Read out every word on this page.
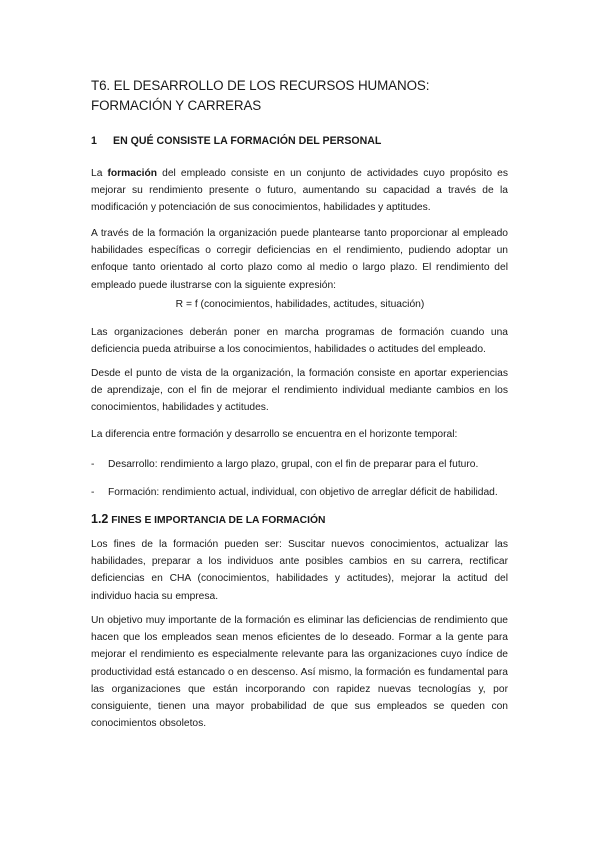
T6. EL DESARROLLO DE LOS RECURSOS HUMANOS: FORMACIÓN Y CARRERAS
1 EN QUÉ CONSISTE LA FORMACIÓN DEL PERSONAL
La formación del empleado consiste en un conjunto de actividades cuyo propósito es mejorar su rendimiento presente o futuro, aumentando su capacidad a través de la modificación y potenciación de sus conocimientos, habilidades y aptitudes.
A través de la formación la organización puede plantearse tanto proporcionar al empleado habilidades específicas o corregir deficiencias en el rendimiento, pudiendo adoptar un enfoque tanto orientado al corto plazo como al medio o largo plazo. El rendimiento del empleado puede ilustrarse con la siguiente expresión:
R = f (conocimientos, habilidades, actitudes, situación)
Las organizaciones deberán poner en marcha programas de formación cuando una deficiencia pueda atribuirse a los conocimientos, habilidades o actitudes del empleado.
Desde el punto de vista de la organización, la formación consiste en aportar experiencias de aprendizaje, con el fin de mejorar el rendimiento individual mediante cambios en los conocimientos, habilidades y actitudes.
La diferencia entre formación y desarrollo se encuentra en el horizonte temporal:
- Desarrollo: rendimiento a largo plazo, grupal, con el fin de preparar para el futuro.
- Formación: rendimiento actual, individual, con objetivo de arreglar déficit de habilidad.
1.2 FINES E IMPORTANCIA DE LA FORMACIÓN
Los fines de la formación pueden ser: Suscitar nuevos conocimientos, actualizar las habilidades, preparar a los individuos ante posibles cambios en su carrera, rectificar deficiencias en CHA (conocimientos, habilidades y actitudes), mejorar la actitud del individuo hacia su empresa.
Un objetivo muy importante de la formación es eliminar las deficiencias de rendimiento que hacen que los empleados sean menos eficientes de lo deseado. Formar a la gente para mejorar el rendimiento es especialmente relevante para las organizaciones cuyo índice de productividad está estancado o en descenso. Así mismo, la formación es fundamental para las organizaciones que están incorporando con rapidez nuevas tecnologías y, por consiguiente, tienen una mayor probabilidad de que sus empleados se queden con conocimientos obsoletos.
